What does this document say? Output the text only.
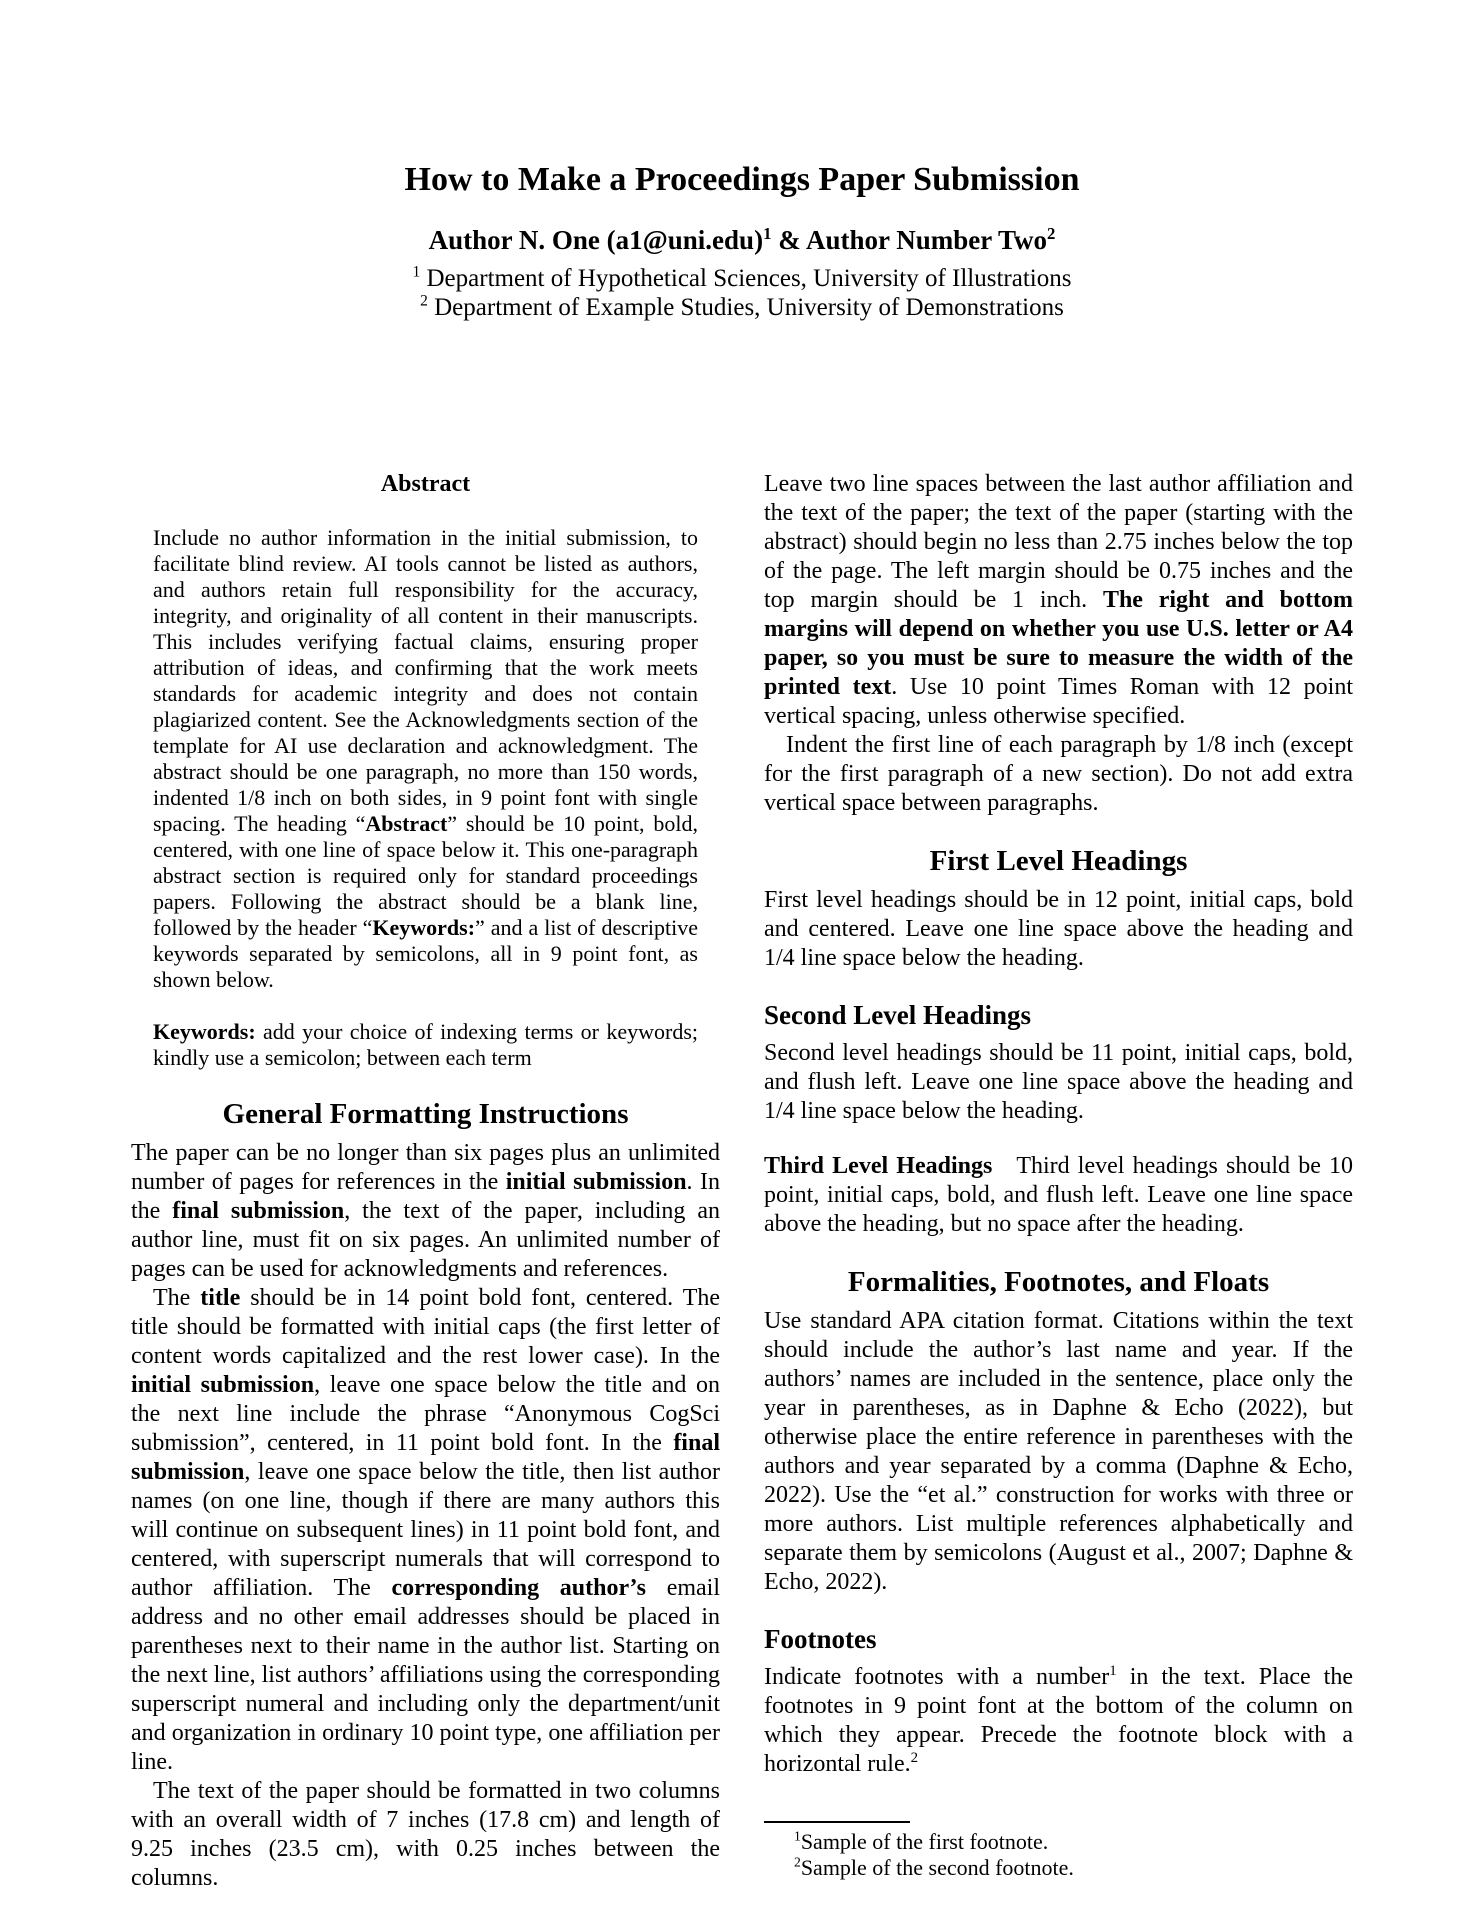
How to Make a Proceedings Paper Submission
Author N. One (a1@uni.edu)$^1$ & Author Number Two$^2$
$^1$ Department of Hypothetical Sciences, University of Illustrations
$^2$ Department of Example Studies, University of Demonstrations
Abstract

Include no author information in the initial submission, to facilitate blind review. AI tools cannot be listed as authors, and authors retain full responsibility for the accuracy, integrity, and originality of all content in their manuscripts. This includes verifying factual claims, ensuring proper attribution of ideas, and confirming that the work meets standards for academic integrity and does not contain plagiarized content. See the Acknowledgments section of the template for AI use declaration and acknowledgment. The abstract should be one paragraph, no more than 150 words, indented 1/8 inch on both sides, in 9 point font with single spacing. The heading “Abstract” should be 10 point, bold, centered, with one line of space below it. This one-paragraph abstract section is required only for standard proceedings papers. Following the abstract should be a blank line, followed by the header “Keywords:” and a list of descriptive keywords separated by semicolons, all in 9 point font, as shown below.

Keywords: add your choice of indexing terms or keywords; kindly use a semicolon; between each term

General Formatting Instructions

The paper can be no longer than six pages plus an unlimited number of pages for references in the initial submission. In the final submission, the text of the paper, including an author line, must fit on six pages. An unlimited number of pages can be used for acknowledgments and references.

The title should be in 14 point bold font, centered. The title should be formatted with initial caps (the first letter of content words capitalized and the rest lower case). In the initial submission, leave one space below the title and on the next line include the phrase “Anonymous CogSci submission”, centered, in 11 point bold font. In the final submission, leave one space below the title, then list author names (on one line, though if there are many authors this will continue on subsequent lines) in 11 point bold font, and centered, with superscript numerals that will correspond to author affiliation. The corresponding author’s email address and no other email addresses should be placed in parentheses next to their name in the author list. Starting on the next line, list authors’ affiliations using the corresponding superscript numeral and including only the department/unit and organization in ordinary 10 point type, one affiliation per line.

The text of the paper should be formatted in two columns with an overall width of 7 inches (17.8 cm) and length of 9.25 inches (23.5 cm), with 0.25 inches between the columns.

Leave two line spaces between the last author affiliation and the text of the paper; the text of the paper (starting with the abstract) should begin no less than 2.75 inches below the top of the page. The left margin should be 0.75 inches and the top margin should be 1 inch. The right and bottom margins will depend on whether you use U.S. letter or A4 paper, so you must be sure to measure the width of the printed text. Use 10 point Times Roman with 12 point vertical spacing, unless otherwise specified.

Indent the first line of each paragraph by 1/8 inch (except for the first paragraph of a new section). Do not add extra vertical space between paragraphs.

First Level Headings

First level headings should be in 12 point, initial caps, bold and centered. Leave one line space above the heading and 1/4 line space below the heading.

Second Level Headings

Second level headings should be 11 point, initial caps, bold, and flush left. Leave one line space above the heading and 1/4 line space below the heading.

Third Level Headings Third level headings should be 10 point, initial caps, bold, and flush left. Leave one line space above the heading, but no space after the heading.

Formalities, Footnotes, and Floats

Use standard APA citation format. Citations within the text should include the author’s last name and year. If the authors’ names are included in the sentence, place only the year in parentheses, as in Daphne & Echo (2022), but otherwise place the entire reference in parentheses with the authors and year separated by a comma (Daphne & Echo, 2022). Use the “et al.” construction for works with three or more authors. List multiple references alphabetically and separate them by semicolons (August et al., 2007; Daphne & Echo, 2022).

Footnotes

Indicate footnotes with a number$^1$ in the text. Place the footnotes in 9 point font at the bottom of the column on which they appear. Precede the footnote block with a horizontal rule.$^2$

$^1$Sample of the first footnote.
$^2$Sample of the second footnote.
